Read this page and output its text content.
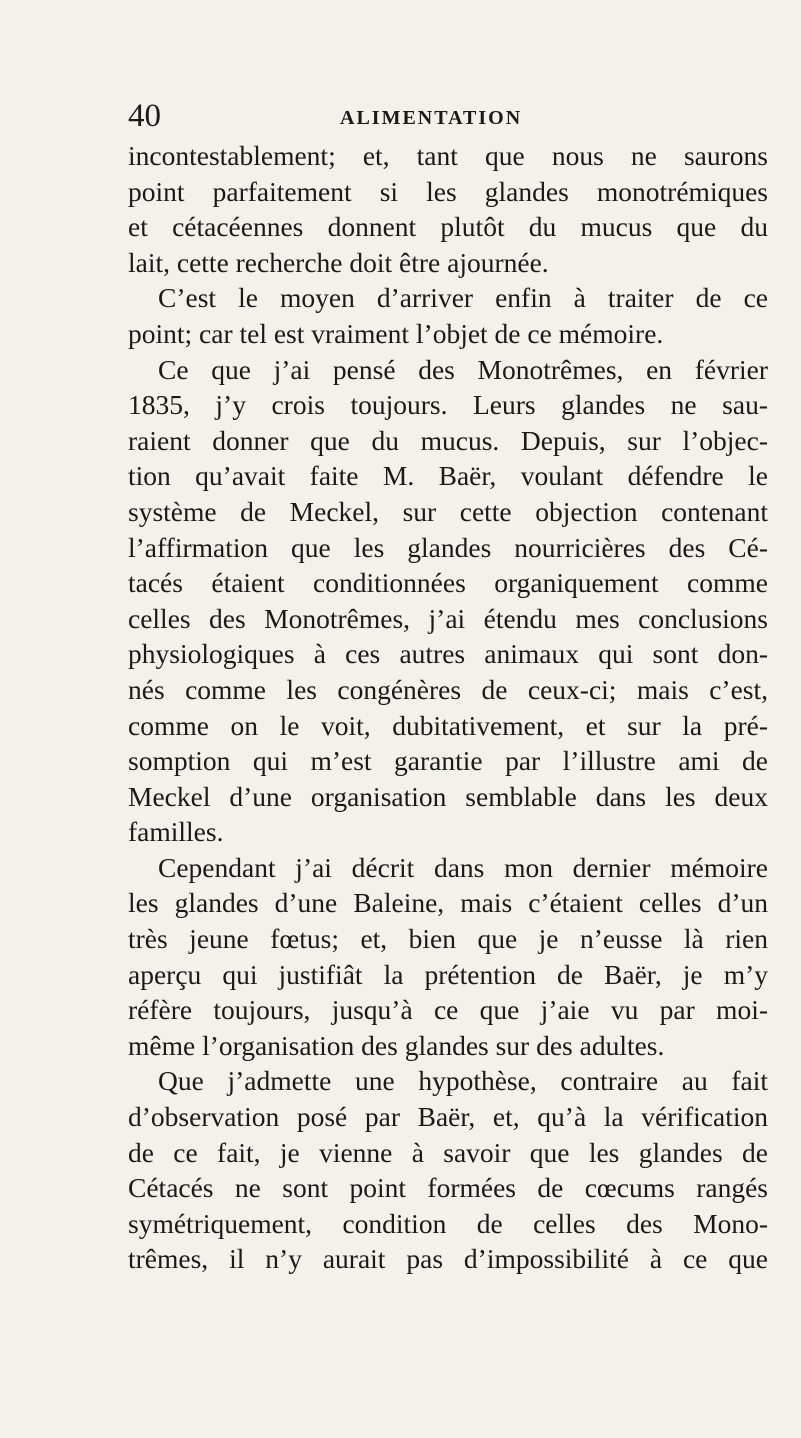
40	ALIMENTATION
incontestablement; et, tant que nous ne saurons
point parfaitement si les glandes monotrémiques
et cétacéennes donnent plutôt du mucus que du
lait, cette recherche doit être ajournée.
C’est le moyen d’arriver enfin à traiter de ce
point; car tel est vraiment l’objet de ce mémoire.
Ce que j’ai pensé des Monotrêmes, en février
1835, j’y crois toujours. Leurs glandes ne sau-
raient donner que du mucus. Depuis, sur l’objec-
tion qu’avait faite M. Baër, voulant défendre le
système de Meckel, sur cette objection contenant
l’affirmation que les glandes nourricières des Cé-
tacés étaient conditionnées organiquement comme
celles des Monotrêmes, j’ai étendu mes conclusions
physiologiques à ces autres animaux qui sont don-
nés comme les congénères de ceux-ci; mais c’est,
comme on le voit, dubitativement, et sur la pré-
somption qui m’est garantie par l’illustre ami de
Meckel d’une organisation semblable dans les deux
familles.
Cependant j’ai décrit dans mon dernier mémoire
les glandes d’une Baleine, mais c’étaient celles d’un
très jeune fœtus; et, bien que je n’eusse là rien
aperçu qui justifiât la prétention de Baër, je m’y
réfère toujours, jusqu’à ce que j’aie vu par moi-
même l’organisation des glandes sur des adultes.
Que j’admette une hypothèse, contraire au fait
d’observation posé par Baër, et, qu’à la vérification
de ce fait, je vienne à savoir que les glandes de
Cétacés ne sont point formées de cœcums rangés
symétriquement, condition de celles des Mono-
trêmes, il n’y aurait pas d’impossibilité à ce que
